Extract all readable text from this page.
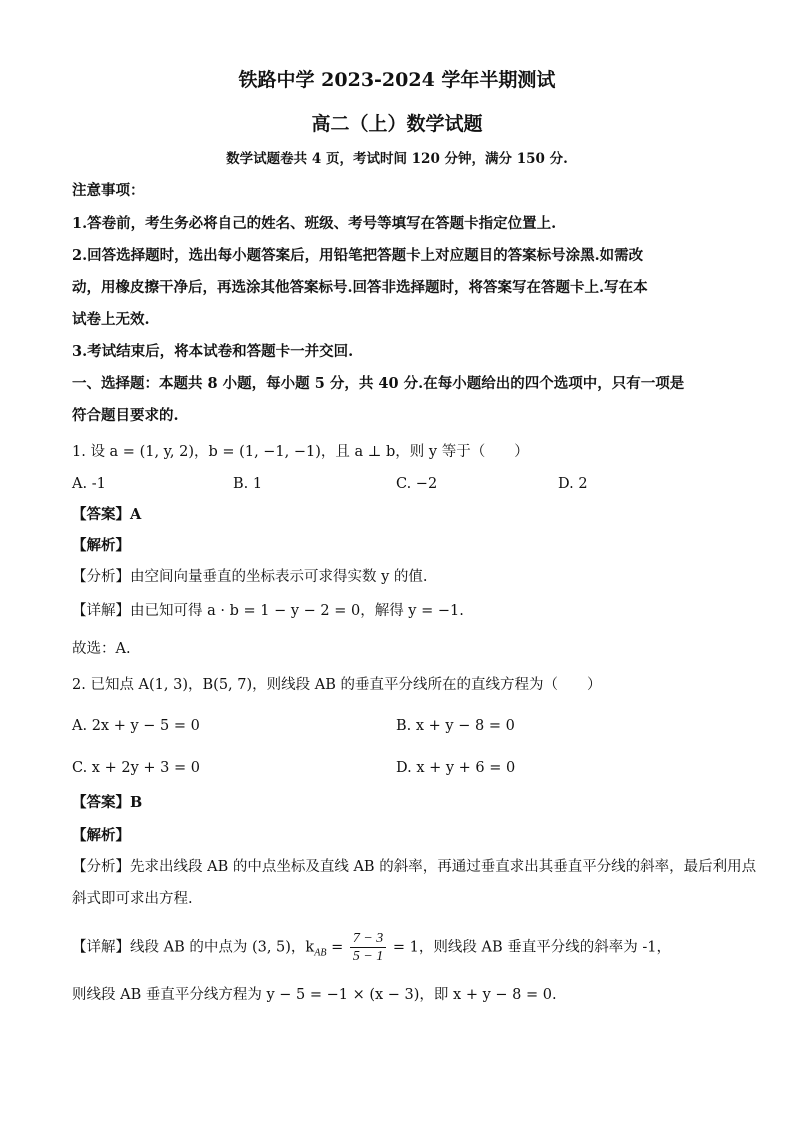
铁路中学 2023-2024 学年半期测试
高二（上）数学试题
数学试题卷共 4 页，考试时间 120 分钟，满分 150 分.
注意事项：
1.答卷前，考生务必将自己的姓名、班级、考号等填写在答题卡指定位置上.
2.回答选择题时，选出每小题答案后，用铅笔把答题卡上对应题目的答案标号涂黑.如需改
动，用橡皮擦干净后，再选涂其他答案标号.回答非选择题时，将答案写在答题卡上.写在本
试卷上无效.
3.考试结束后，将本试卷和答题卡一并交回.
一、选择题：本题共 8 小题，每小题 5 分，共 40 分.在每小题给出的四个选项中，只有一项是
符合题目要求的.
1. 设 a = (1, y, 2)，b = (1, −1, −1)，且 a ⊥ b，则 y 等于（　　）
A. -1	B. 1	C. −2	D. 2
【答案】A
【解析】
【分析】由空间向量垂直的坐标表示可求得实数 y 的值.
【详解】由已知可得 a · b = 1 − y − 2 = 0，解得 y = −1.
故选：A.
2. 已知点 A(1, 3)，B(5, 7)，则线段 AB 的垂直平分线所在的直线方程为（　　）
A. 2x + y − 5 = 0	B. x + y − 8 = 0
C. x + 2y + 3 = 0	D. x + y + 6 = 0
【答案】B
【解析】
【分析】先求出线段 AB 的中点坐标及直线 AB 的斜率，再通过垂直求出其垂直平分线的斜率，最后利用点
斜式即可求出方程.
【详解】线段 AB 的中点为 (3, 5)，$k_{AB} = \frac{7 - 3}{5 - 1} = 1$，则线段 AB 垂直平分线的斜率为 -1，
则线段 AB 垂直平分线方程为 y − 5 = −1 × (x − 3)，即 x + y − 8 = 0.
